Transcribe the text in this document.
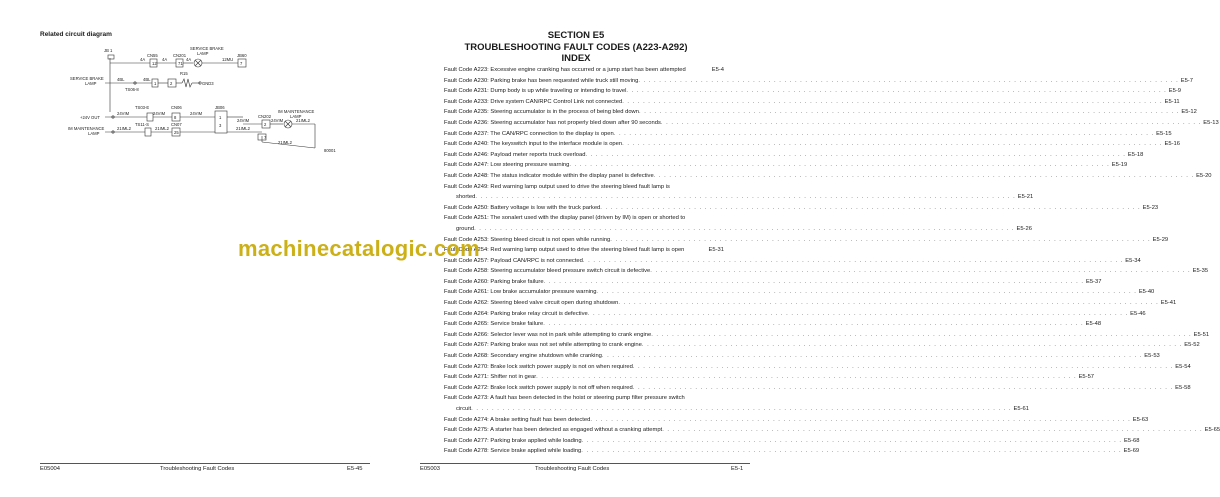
Related circuit diagram
JB 1	SERVICE BRAKE
LAMP
CN55	CN201	JB60
4A	4A	4A
12	71	7
12MU
SERVICE BRAKE
LAMP
4BL	4BL
R15
1	2	GND3
TS06-8
+24V OUT
IM MAINTENANCE
LAMP
24VIM	24VIM	24VIM
24VIM	24VIM
TS03-E	CN06	JB06
8	1
3
IM MAINTENANCE
LAMP
CN202
2
21IML2
TS11-S
21IML2	21IML2	21IML2
CN07
25
7
21IML2
80001
E05004	Troubleshooting Fault Codes	E5-45
SECTION E5
TROUBLESHOOTING FAULT CODES (A223-A292)
INDEX
Fault Code A223: Excessive engine cranking has occurred or a jump start has been attempted	E5-4
Fault Code A230: Parking brake has been requested while truck still moving . . .	E5-7
Fault Code A231: Dump body is up while traveling or intending to travel . . .	E5-9
Fault Code A233: Drive system CAN/RPC Control Link not connected . . .	E5-11
Fault Code A235: Steering accumulator is in the process of being bled down . . .	E5-12
Fault Code A236: Steering accumulator has not properly bled down after 90 seconds . . .	E5-13
Fault Code A237: The CAN/RPC connection to the display is open . . .	E5-15
Fault Code A240: The keyswitch input to the interface module is open . . .	E5-16
Fault Code A246: Payload meter reports truck overload . . .	E5-18
Fault Code A247: Low steering pressure warning . . .	E5-19
Fault Code A248: The status indicator module within the display panel is defective . . .	E5-20
Fault Code A249: Red warning lamp output used to drive the steering bleed fault lamp is
shorted . . .	E5-21
Fault Code A250: Battery voltage is low with the truck parked . . .	E5-23
Fault Code A251: The sonalert used with the display panel (driven by IM) is open or shorted to
ground . . .	E5-26
Fault Code A253: Steering bleed circuit is not open while running . . .	E5-29
Fault Code A254: Red warning lamp output used to drive the steering bleed fault lamp is open	E5-31
Fault Code A257: Payload CAN/RPC is not connected . . .	E5-34
Fault Code A258: Steering accumulator bleed pressure switch circuit is defective . . .	E5-35
Fault Code A260: Parking brake failure . . .	E5-37
Fault Code A261: Low brake accumulator pressure warning . . .	E5-40
Fault Code A262: Steering bleed valve circuit open during shutdown . . .	E5-41
Fault Code A264: Parking brake relay circuit is defective . . .	E5-46
Fault Code A265: Service brake failure . . .	E5-48
Fault Code A266: Selector lever was not in park while attempting to crank engine . . .	E5-51
Fault Code A267: Parking brake was not set while attempting to crank engine . . .	E5-52
Fault Code A268: Secondary engine shutdown while cranking . . .	E5-53
Fault Code A270: Brake lock switch power supply is not on when required . . .	E5-54
Fault Code A271: Shifter not in gear . . .	E5-57
Fault Code A272: Brake lock switch power supply is not off when required . . .	E5-58
Fault Code A273: A fault has been detected in the hoist or steering pump filter pressure switch
circuit . . .	E5-61
Fault Code A274: A brake setting fault has been detected . . .	E5-63
Fault Code A275: A starter has been detected as engaged without a cranking attempt . . .	E5-65
Fault Code A277: Parking brake applied while loading . . .	E5-68
Fault Code A278: Service brake applied while loading . . .	E5-69
machinecatalogic.com
E05003	Troubleshooting Fault Codes	E5-1
